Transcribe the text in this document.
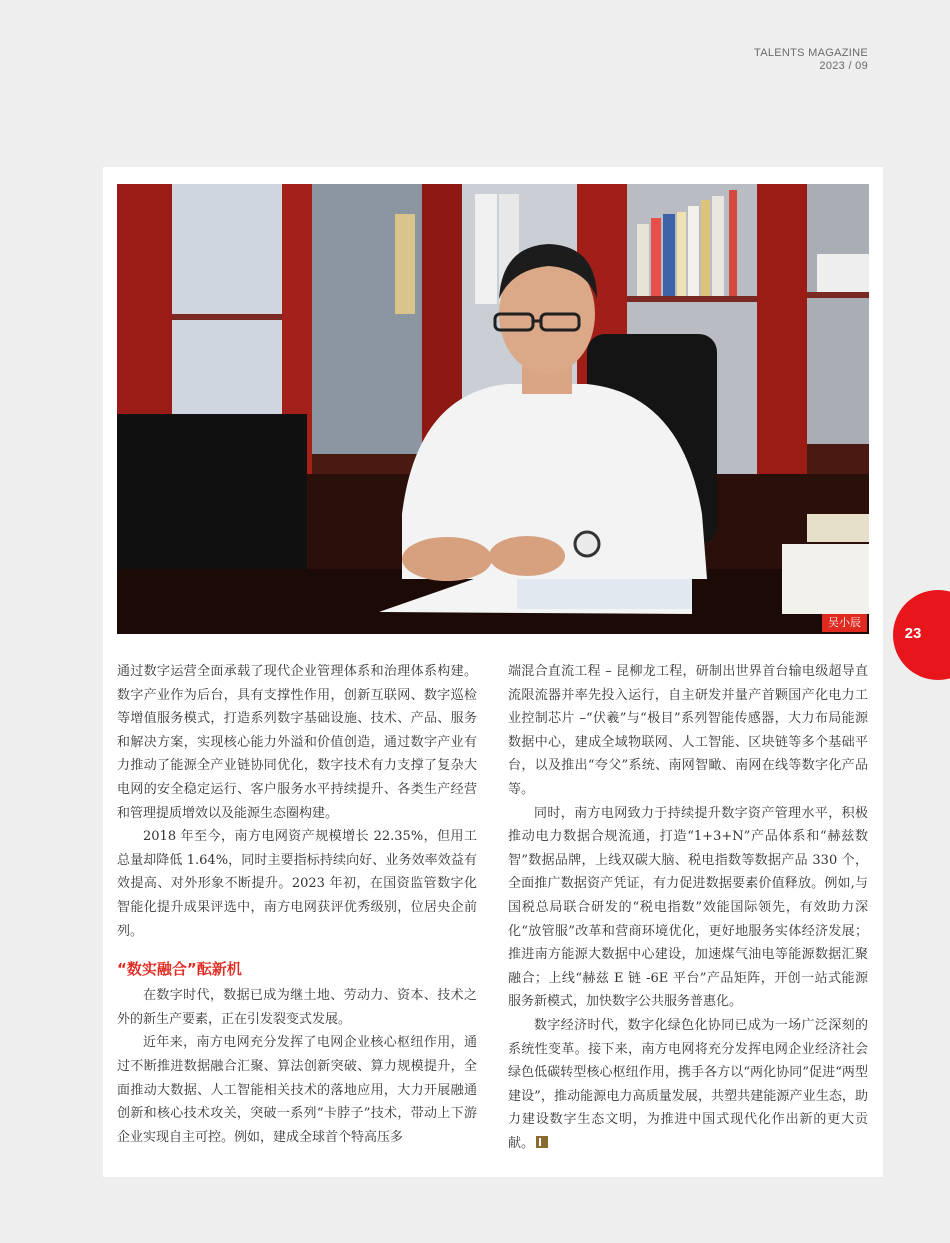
TALENTS MAGAZINE
2023 / 09
吴小辰
23

通过数字运营全面承载了现代企业管理体系和治理体系构建。数字产业作为后台，具有支撑性作用，创新互联网、数字巡检等增值服务模式，打造系列数字基础设施、技术、产品、服务和解决方案，实现核心能力外溢和价值创造，通过数字产业有力推动了能源全产业链协同优化，数字技术有力支撑了复杂大电网的安全稳定运行、客户服务水平持续提升、各类生产经营和管理提质增效以及能源生态圈构建。

2018 年至今，南方电网资产规模增长 22.35%，但用工总量却降低 1.64%，同时主要指标持续向好、业务效率效益有效提高、对外形象不断提升。2023 年初，在国资监管数字化智能化提升成果评选中，南方电网获评优秀级别，位居央企前列。

“数实融合”酝新机

在数字时代，数据已成为继土地、劳动力、资本、技术之外的新生产要素，正在引发裂变式发展。

近年来，南方电网充分发挥了电网企业核心枢纽作用，通过不断推进数据融合汇聚、算法创新突破、算力规模提升，全面推动大数据、人工智能相关技术的落地应用，大力开展融通创新和核心技术攻关，突破一系列“卡脖子”技术，带动上下游企业实现自主可控。例如，建成全球首个特高压多

端混合直流工程 – 昆柳龙工程，研制出世界首台输电级超导直流限流器并率先投入运行，自主研发并量产首颗国产化电力工业控制芯片 –“伏羲”与“极目”系列智能传感器，大力布局能源数据中心，建成全域物联网、人工智能、区块链等多个基础平台，以及推出“夸父”系统、南网智瞰、南网在线等数字化产品等。

同时，南方电网致力于持续提升数字资产管理水平，积极推动电力数据合规流通，打造“1+3+N”产品体系和“赫兹数智”数据品牌，上线双碳大脑、税电指数等数据产品 330 个，全面推广数据资产凭证，有力促进数据要素价值释放。例如,与国税总局联合研发的“税电指数”效能国际领先，有效助力深化“放管服”改革和营商环境优化，更好地服务实体经济发展；推进南方能源大数据中心建设，加速煤气油电等能源数据汇聚融合；上线“赫兹 E 链 -6E 平台”产品矩阵，开创一站式能源服务新模式，加快数字公共服务普惠化。

数字经济时代，数字化绿色化协同已成为一场广泛深刻的系统性变革。接下来，南方电网将充分发挥电网企业经济社会绿色低碳转型核心枢纽作用，携手各方以“两化协同”促进“两型建设”，推动能源电力高质量发展，共塑共建能源产业生态，助力建设数字生态文明，为推进中国式现代化作出新的更大贡献。
